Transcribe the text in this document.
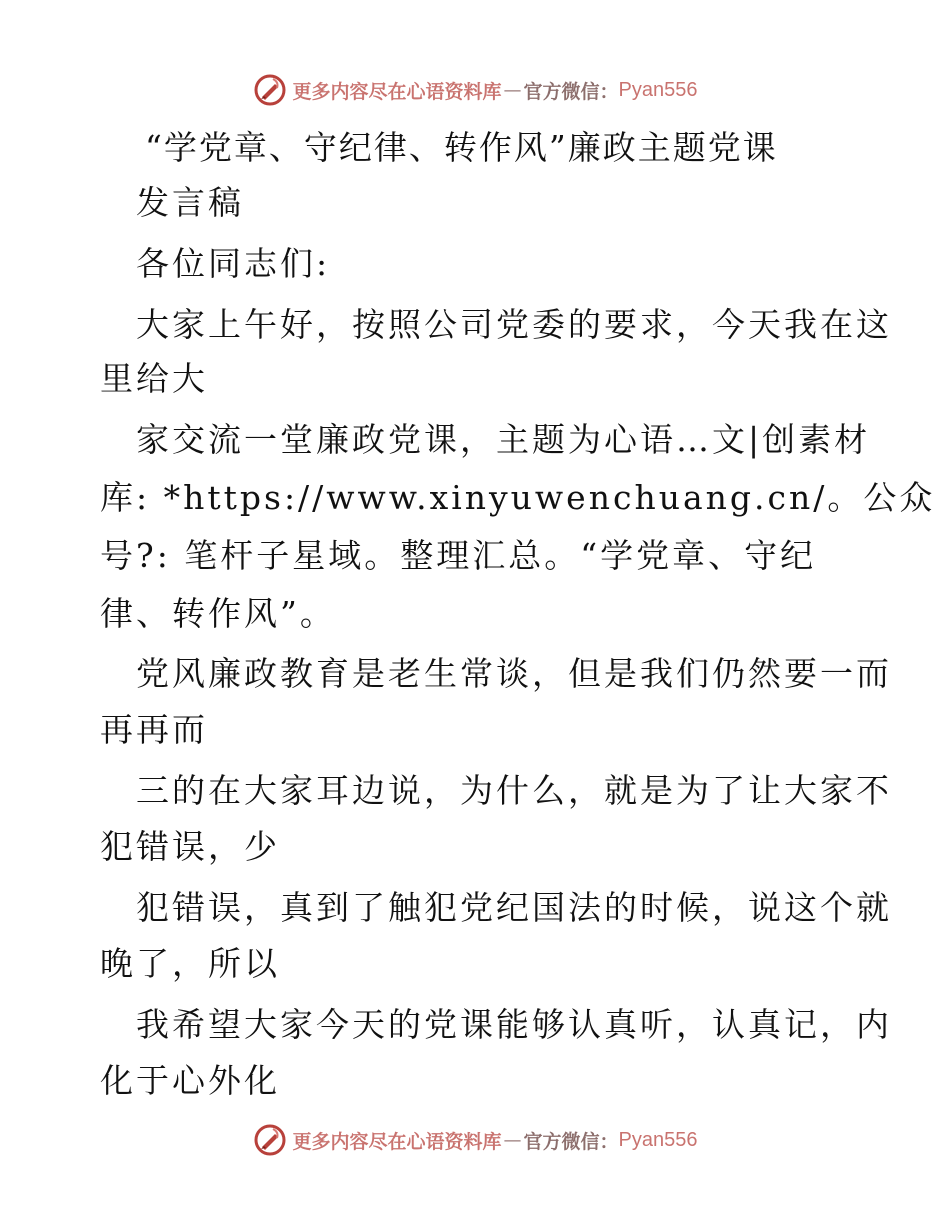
更多内容尽在心语资料库 — 官方微信： Pyan556
“学党章、守纪律、转作风”廉政主题党课
发言稿
各位同志们:
大家上午好，按照公司党委的要求，今天我在这
里给大
家交流一堂廉政党课，主题为心语…文|创素材
库: *https://www.xinyuwenchuang.cn/。公众
号?: 笔杆子星域。整理汇总。“学党章、守纪
律、转作风”。
党风廉政教育是老生常谈，但是我们仍然要一而
再再而
三的在大家耳边说，为什么，就是为了让大家不
犯错误，少
犯错误，真到了触犯党纪国法的时候，说这个就
晚了，所以
我希望大家今天的党课能够认真听，认真记，内
化于心外化
更多内容尽在心语资料库 — 官方微信： Pyan556
